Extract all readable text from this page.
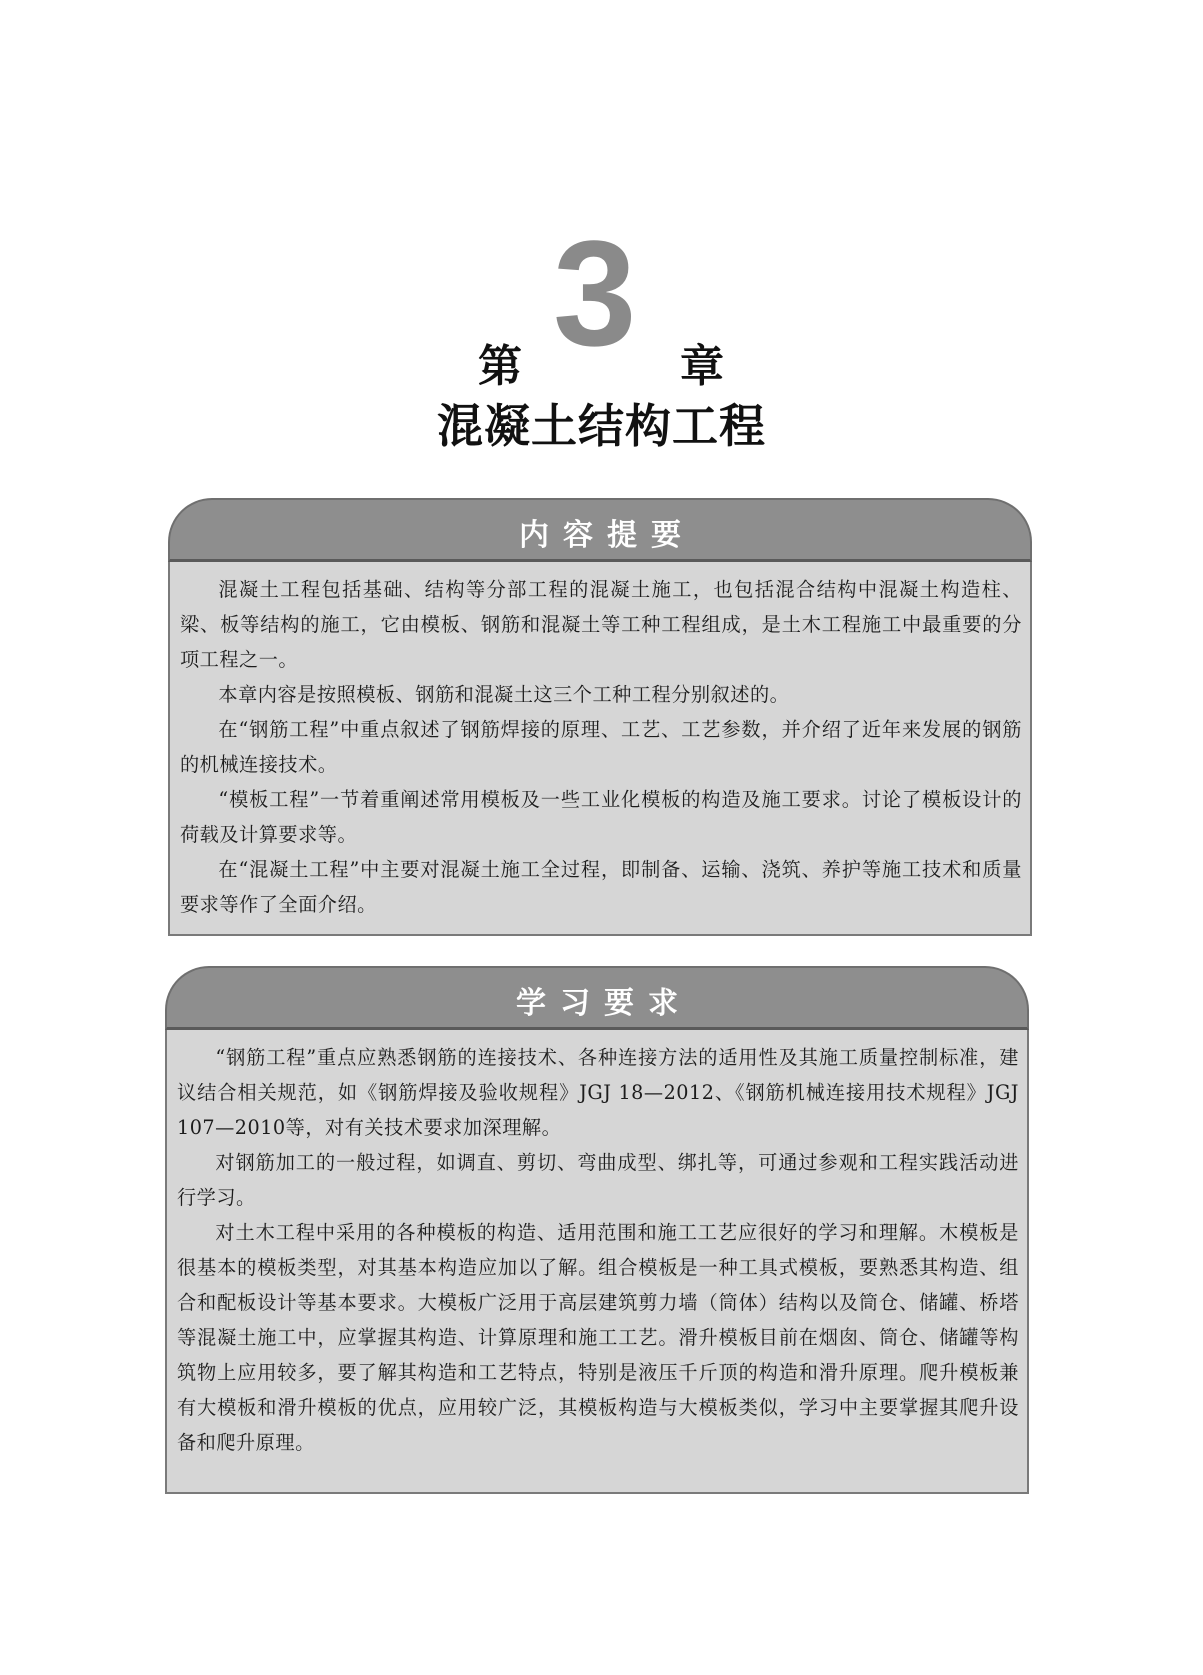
第 3 章
混凝土结构工程
内容提要

混凝土工程包括基础、结构等分部工程的混凝土施工，也包括混合结构中混凝土构造柱、梁、板等结构的施工，它由模板、钢筋和混凝土等工种工程组成，是土木工程施工中最重要的分项工程之一。

本章内容是按照模板、钢筋和混凝土这三个工种工程分别叙述的。

在“钢筋工程”中重点叙述了钢筋焊接的原理、工艺、工艺参数，并介绍了近年来发展的钢筋的机械连接技术。

“模板工程”一节着重阐述常用模板及一些工业化模板的构造及施工要求。讨论了模板设计的荷载及计算要求等。

在“混凝土工程”中主要对混凝土施工全过程，即制备、运输、浇筑、养护等施工技术和质量要求等作了全面介绍。

学习要求

“钢筋工程”重点应熟悉钢筋的连接技术、各种连接方法的适用性及其施工质量控制标准，建议结合相关规范，如《钢筋焊接及验收规程》JGJ 18—2012、《钢筋机械连接用技术规程》JGJ 107—2010等，对有关技术要求加深理解。

对钢筋加工的一般过程，如调直、剪切、弯曲成型、绑扎等，可通过参观和工程实践活动进行学习。

对土木工程中采用的各种模板的构造、适用范围和施工工艺应很好的学习和理解。木模板是很基本的模板类型，对其基本构造应加以了解。组合模板是一种工具式模板，要熟悉其构造、组合和配板设计等基本要求。大模板广泛用于高层建筑剪力墙（筒体）结构以及筒仓、储罐、桥塔等混凝土施工中，应掌握其构造、计算原理和施工工艺。滑升模板目前在烟囱、筒仓、储罐等构筑物上应用较多，要了解其构造和工艺特点，特别是液压千斤顶的构造和滑升原理。爬升模板兼有大模板和滑升模板的优点，应用较广泛，其模板构造与大模板类似，学习中主要掌握其爬升设备和爬升原理。
